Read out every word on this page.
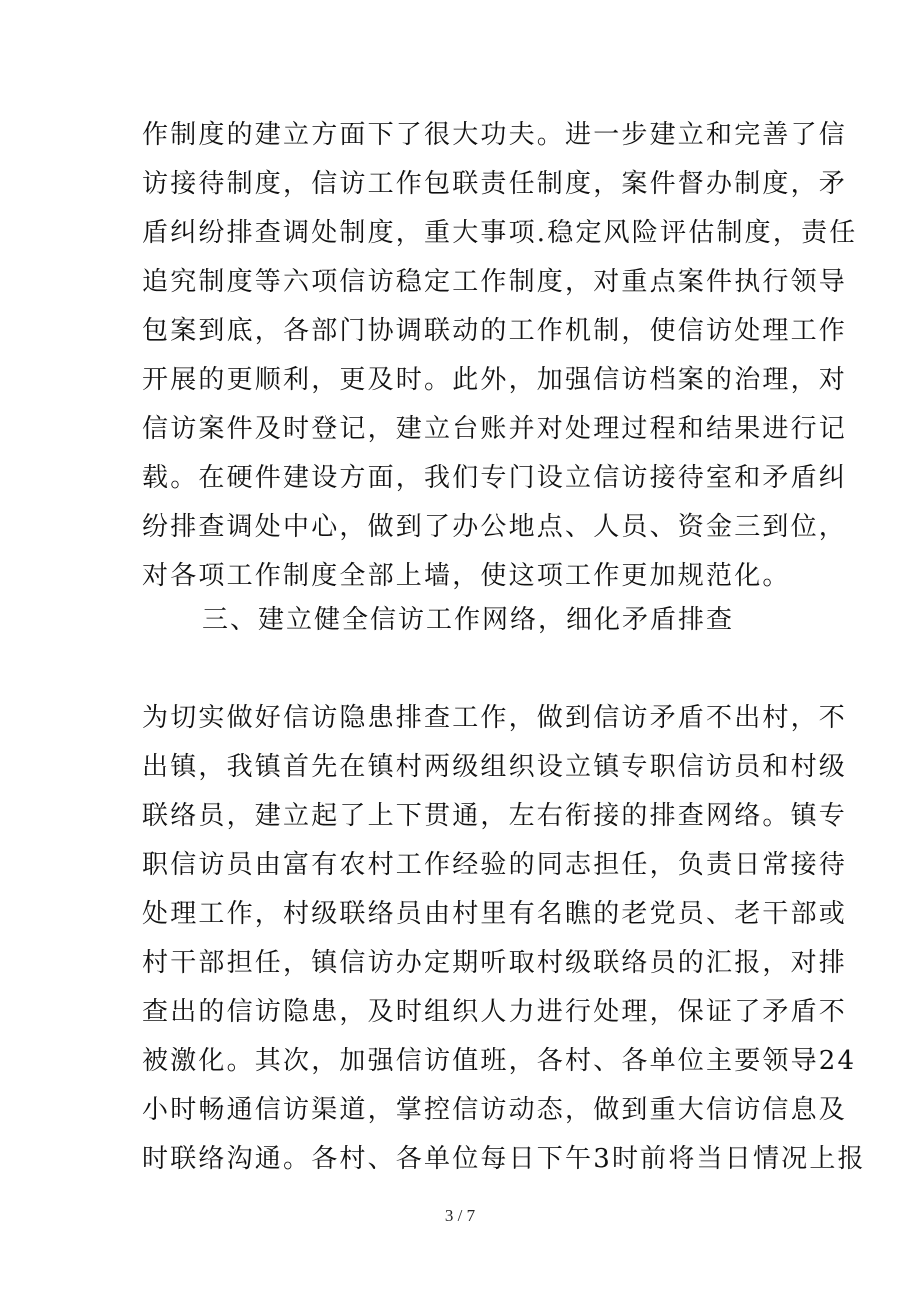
作制度的建立方面下了很大功夫。进一步建立和完善了信
访接待制度，信访工作包联责任制度，案件督办制度，矛
盾纠纷排查调处制度，重大事项.稳定风险评估制度，责任
追究制度等六项信访稳定工作制度，对重点案件执行领导
包案到底，各部门协调联动的工作机制，使信访处理工作
开展的更顺利，更及时。此外，加强信访档案的治理，对
信访案件及时登记，建立台账并对处理过程和结果进行记
载。在硬件建设方面，我们专门设立信访接待室和矛盾纠
纷排查调处中心，做到了办公地点、人员、资金三到位，
对各项工作制度全部上墙，使这项工作更加规范化。
三、建立健全信访工作网络，细化矛盾排查
为切实做好信访隐患排查工作，做到信访矛盾不出村，不
出镇，我镇首先在镇村两级组织设立镇专职信访员和村级
联络员，建立起了上下贯通，左右衔接的排查网络。镇专
职信访员由富有农村工作经验的同志担任，负责日常接待
处理工作，村级联络员由村里有名瞧的老党员、老干部或
村干部担任，镇信访办定期听取村级联络员的汇报，对排
查出的信访隐患，及时组织人力进行处理，保证了矛盾不
被激化。其次，加强信访值班，各村、各单位主要领导24
小时畅通信访渠道，掌控信访动态，做到重大信访信息及
时联络沟通。各村、各单位每日下午3时前将当日情况上报
3 / 7
